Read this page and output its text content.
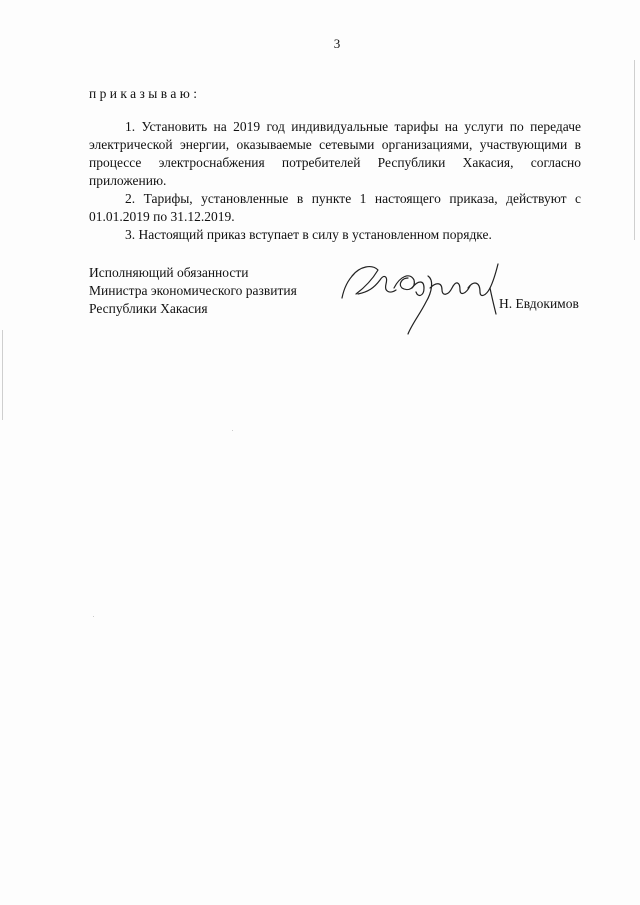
3
приказываю:

1. Установить на 2019 год индивидуальные тарифы на услуги по передаче электрической энергии, оказываемые сетевыми организациями, участвующими в процессе электроснабжения потребителей Республики Хакасия, согласно приложению.

2. Тарифы, установленные в пункте 1 настоящего приказа, действуют с 01.01.2019 по 31.12.2019.

3. Настоящий приказ вступает в силу в установленном порядке.

Исполняющий обязанности
Министра экономического развития
Республики Хакасия	Н. Евдокимов
